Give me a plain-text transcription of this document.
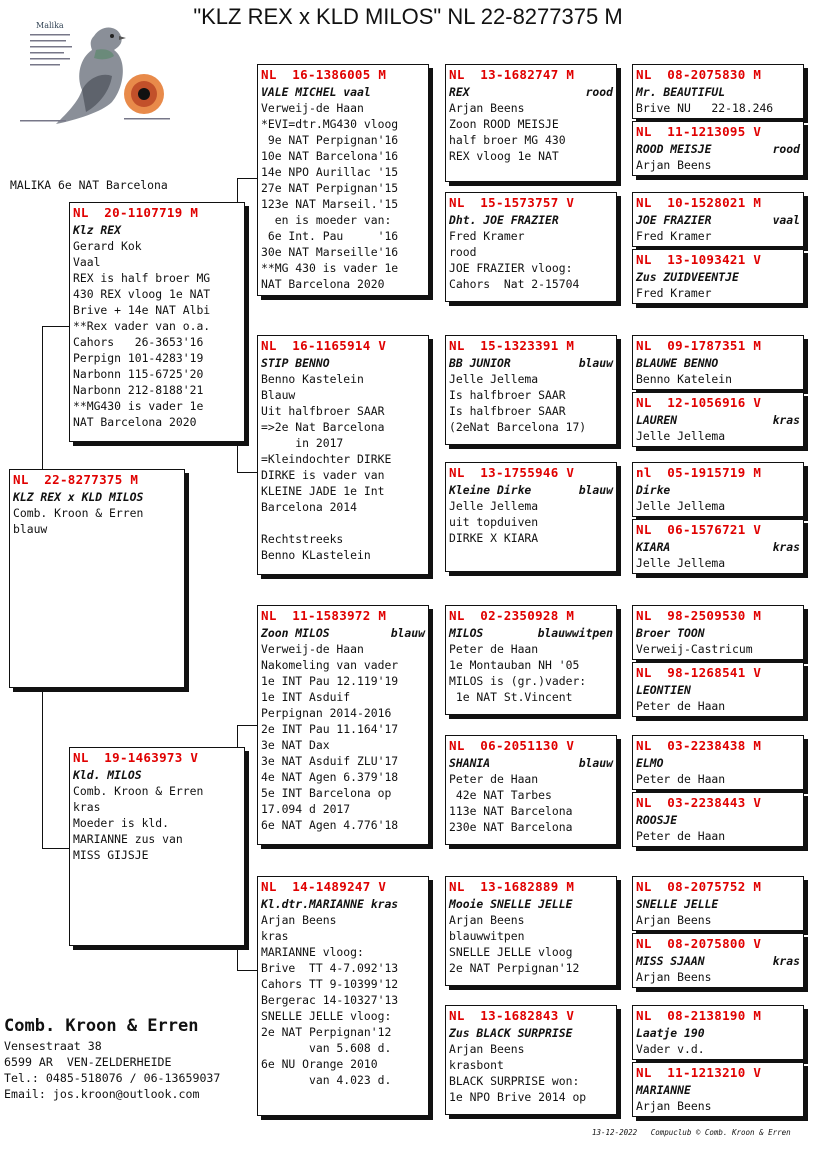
"KLZ REX x KLD MILOS" NL 22-8277375 M
Malika
MALIKA 6e NAT Barcelona
NL  22-8277375 M
KLZ REX x KLD MILOS
Comb. Kroon & Erren
blauw
NL  20-1107719 M
Klz REX
Gerard Kok
Vaal
REX is half broer MG
430 REX vloog 1e NAT
Brive + 14e NAT Albi
**Rex vader van o.a.
Cahors   26-3653'16
Perpign 101-4283'19
Narbonn 115-6725'20
Narbonn 212-8188'21
**MG430 is vader 1e
NAT Barcelona 2020
NL  19-1463973 V
Kld. MILOS
Comb. Kroon & Erren
kras
Moeder is kld.
MARIANNE zus van
MISS GIJSJE
NL  16-1386005 M
VALE MICHEL vaal
Verweij-de Haan
*EVI=dtr.MG430 vloog
9e NAT Perpignan'16
10e NAT Barcelona'16
14e NPO Aurillac '15
27e NAT Perpignan'15
123e NAT Marseil.'15
en is moeder van:
6e Int. Pau     '16
30e NAT Marseille'16
**MG 430 is vader 1e
NAT Barcelona 2020
NL  16-1165914 V
STIP BENNO
Benno Kastelein
Blauw
Uit halfbroer SAAR
=>2e Nat Barcelona
in 2017
=Kleindochter DIRKE
DIRKE is vader van
KLEINE JADE 1e Int
Barcelona 2014

Rechtstreeks
Benno KLastelein
NL  11-1583972 M
Zoon MILOS	blauw
Verweij-de Haan
Nakomeling van vader
1e INT Pau 12.119'19
1e INT Asduif
Perpignan 2014-2016
2e INT Pau 11.164'17
3e NAT Dax
3e NAT Asduif ZLU'17
4e NAT Agen 6.379'18
5e INT Barcelona op
17.094 d 2017
6e NAT Agen 4.776'18
NL  14-1489247 V
Kl.dtr.MARIANNE kras
Arjan Beens
kras
MARIANNE vloog:
Brive  TT 4-7.092'13
Cahors TT 9-10399'12
Bergerac 14-10327'13
SNELLE JELLE vloog:
2e NAT Perpignan'12
van 5.608 d.
6e NU Orange 2010
van 4.023 d.
NL  13-1682747 M
REX	rood
Arjan Beens
Zoon ROOD MEISJE
half broer MG 430
REX vloog 1e NAT
NL  15-1573757 V
Dht. JOE FRAZIER
Fred Kramer
rood
JOE FRAZIER vloog:
Cahors  Nat 2-15704
NL  15-1323391 M
BB JUNIOR	blauw
Jelle Jellema
Is halfbroer SAAR
Is halfbroer SAAR
(2eNat Barcelona 17)
NL  13-1755946 V
Kleine Dirke	blauw
Jelle Jellema
uit topduiven
DIRKE X KIARA
NL  02-2350928 M
MILOS	blauwwitpen
Peter de Haan
1e Montauban NH '05
MILOS is (gr.)vader:
1e NAT St.Vincent
NL  06-2051130 V
SHANIA	blauw
Peter de Haan
42e NAT Tarbes
113e NAT Barcelona
230e NAT Barcelona
NL  13-1682889 M
Mooie SNELLE JELLE
Arjan Beens
blauwwitpen
SNELLE JELLE vloog
2e NAT Perpignan'12
NL  13-1682843 V
Zus BLACK SURPRISE
Arjan Beens
krasbont
BLACK SURPRISE won:
1e NPO Brive 2014 op
NL  08-2075830 M
Mr. BEAUTIFUL
Brive NU   22-18.246
NL  11-1213095 V
ROOD MEISJE	rood
Arjan Beens
NL  10-1528021 M
JOE FRAZIER	vaal
Fred Kramer
NL  13-1093421 V
Zus ZUIDVEENTJE
Fred Kramer
NL  09-1787351 M
BLAUWE BENNO
Benno Katelein
NL  12-1056916 V
LAUREN	kras
Jelle Jellema
nl  05-1915719 M
Dirke
Jelle Jellema
NL  06-1576721 V
KIARA	kras
Jelle Jellema
NL  98-2509530 M
Broer TOON
Verweij-Castricum
NL  98-1268541 V
LEONTIEN
Peter de Haan
NL  03-2238438 M
ELMO
Peter de Haan
NL  03-2238443 V
ROOSJE
Peter de Haan
NL  08-2075752 M
SNELLE JELLE
Arjan Beens
NL  08-2075800 V
MISS SJAAN	kras
Arjan Beens
NL  08-2138190 M
Laatje 190
Vader v.d.
NL  11-1213210 V
MARIANNE
Arjan Beens
Comb. Kroon & Erren
Vensestraat 38
6599 AR  VEN-ZELDERHEIDE
Tel.: 0485-518076 / 06-13659037
Email: jos.kroon@outlook.com
13-12-2022   Compuclub © Comb. Kroon & Erren
